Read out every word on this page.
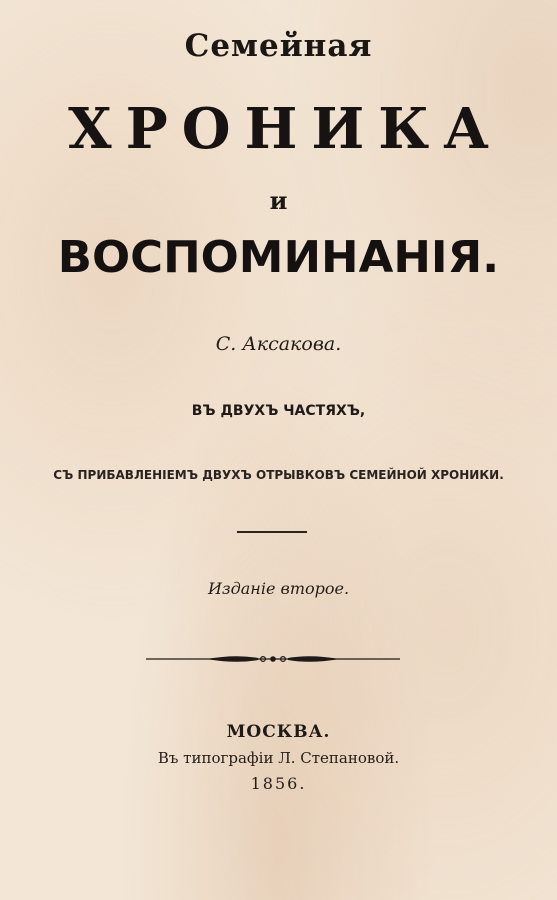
Семейная
ХРОНИКА
и
ВОСПОМИНАНIЯ.
С. Аксакова.
ВЪ ДВУХЪ ЧАСТЯХЪ,
СЪ ПРИБАВЛЕНIЕМЪ ДВУХЪ ОТРЫВКОВЪ СЕМЕЙНОЙ ХРОНИКИ.
Изданiе второе.
МОСКВА.
Въ типографiи Л. Степановой.
1856.
